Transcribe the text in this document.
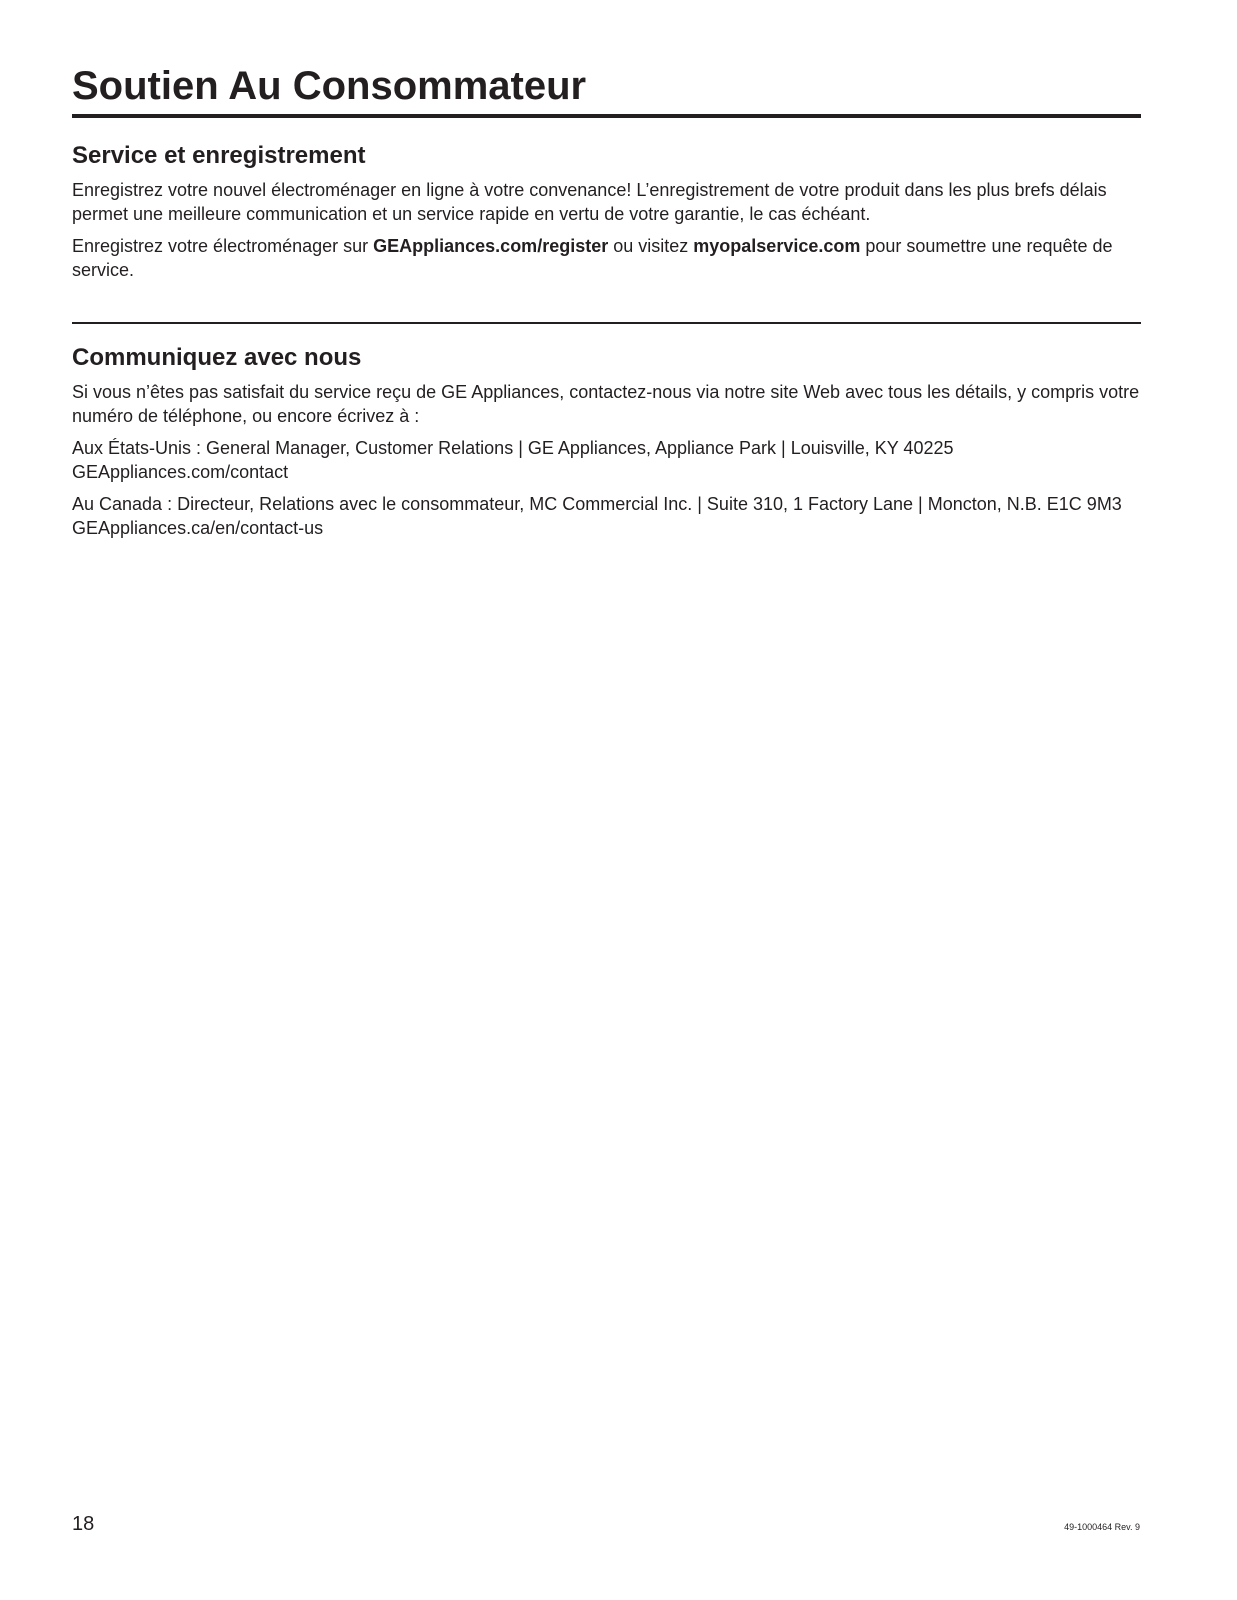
Soutien Au Consommateur
Service et enregistrement

Enregistrez votre nouvel électroménager en ligne à votre convenance! L’enregistrement de votre produit dans les plus brefs délais permet une meilleure communication et un service rapide en vertu de votre garantie, le cas échéant.

Enregistrez votre électroménager sur GEAppliances.com/register ou visitez myopalservice.com pour soumettre une requête de service.

Communiquez avec nous

Si vous n’êtes pas satisfait du service reçu de GE Appliances, contactez-nous via notre site Web avec tous les détails, y compris votre numéro de téléphone, ou encore écrivez à :

Aux États-Unis : General Manager, Customer Relations | GE Appliances, Appliance Park | Louisville, KY 40225
GEAppliances.com/contact

Au Canada : Directeur, Relations avec le consommateur, MC Commercial Inc. | Suite 310, 1 Factory Lane | Moncton, N.B. E1C 9M3 GEAppliances.ca/en/contact-us

18	49-1000464 Rev. 9
